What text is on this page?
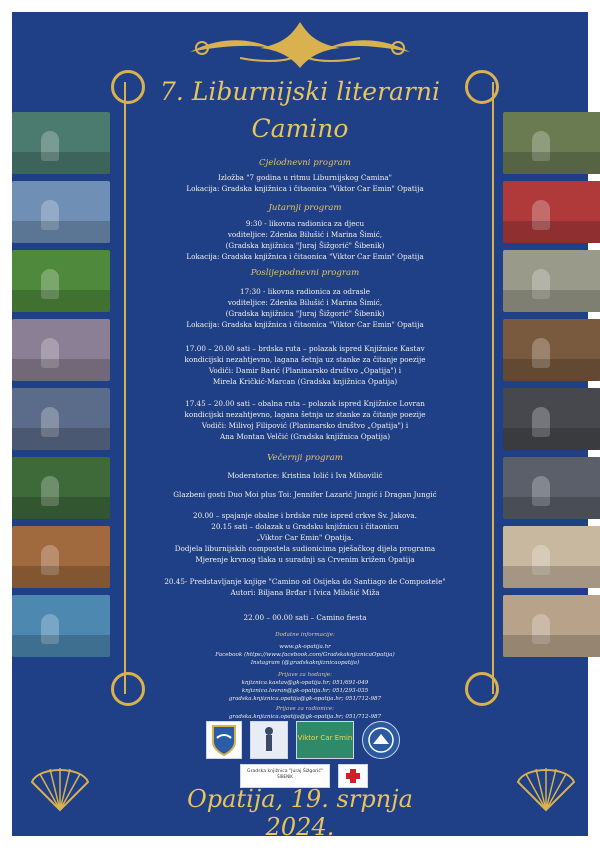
7. Liburnijski literarni
Camino
Cjelodnevni program
Izložba "7 godina u ritmu Liburnijskog Camina"
Lokacija: Gradska knjižnica i čitaonica "Viktor Car Emin" Opatija
Jutarnji program
9:30 - likovna radionica za djecu
voditeljice: Zdenka Bilušić i Marina Šimić,
(Gradska knjižnica "Juraj Šižgorić" Šibenik)
Lokacija: Gradska knjižnica i čitaonica "Viktor Car Emin" Opatija
Poslijepodnevni program
17:30 - likovna radionica za odrasle
voditeljice: Zdenka Bilušić i Marina Šimić,
(Gradska knjižnica "Juraj Šižgorić" Šibenik)
Lokacija: Gradska knjižnica i čitaonica "Viktor Car Emin" Opatija
17.00 – 20.00 sati – brdska ruta – polazak ispred Knjižnice Kastav
kondicijski nezahtjevno, lagana šetnja uz stanke za čitanje poezije
Vodiči: Damir Barić (Planinarsko društvo „Opatija") i
Mirela Kričkić-Marcan (Gradska knjižnica Opatija)
17.45 – 20.00 sati – obalna ruta – polazak ispred Knjižnice Lovran
kondicijski nezahtjevno, lagana šetnja uz stanke za čitanje poezije
Vodiči: Milivoj Filipović (Planinarsko društvo „Opatija") i
Ana Montan Velčić (Gradska knjižnica Opatija)
Večernji program
Moderatorice: Kristina Iolić i Iva Mihovilić
Glazbeni gosti Duo Moi plus Toi: Jennifer Lazarić Jungić i Dragan Jungić
20.00 – spajanje obalne i brdske rute ispred crkve Sv. Jakova.
20.15 sati – dolazak u Gradsku knjižnicu i čitaonicu
„Viktor Car Emin" Opatija.
Dodjela liburnijskih compostela sudionicima pješačkog dijela programa
Mjerenje krvnog tlaka u suradnji sa Crvenim križem Opatija
20.45- Predstavljanje knjige "Camino od Osijeka do Santiago de Compostele"
Autori: Biljana Brđar i Ivica Milošić Miža
22.00 – 00.00 sati – Camino fiesta
Dodatne informacije:
www.gk-opatija.hr
Facebook (https://www.facebook.com/GradskaknjiznicaOpatija)
Instagram (@gradskaknjiznicaopatija)
Prijave za hodanje:
knjiznica.kastav@gk-opatija.hr; 051/691-049
knjiznica.lovran@gk-opatija.hr; 051/293-035
gradska.knjiznica.opatija@gk-opatija.hr; 051/712-987
Prijave za radionice:
gradska.knjiznica.opatija@gk-opatija.hr; 051/712-987
Viktor Car Emin
Gradska knjižnica "Juraj Šižgorić"
ŠIBENIK
Opatija, 19. srpnja 2024.
